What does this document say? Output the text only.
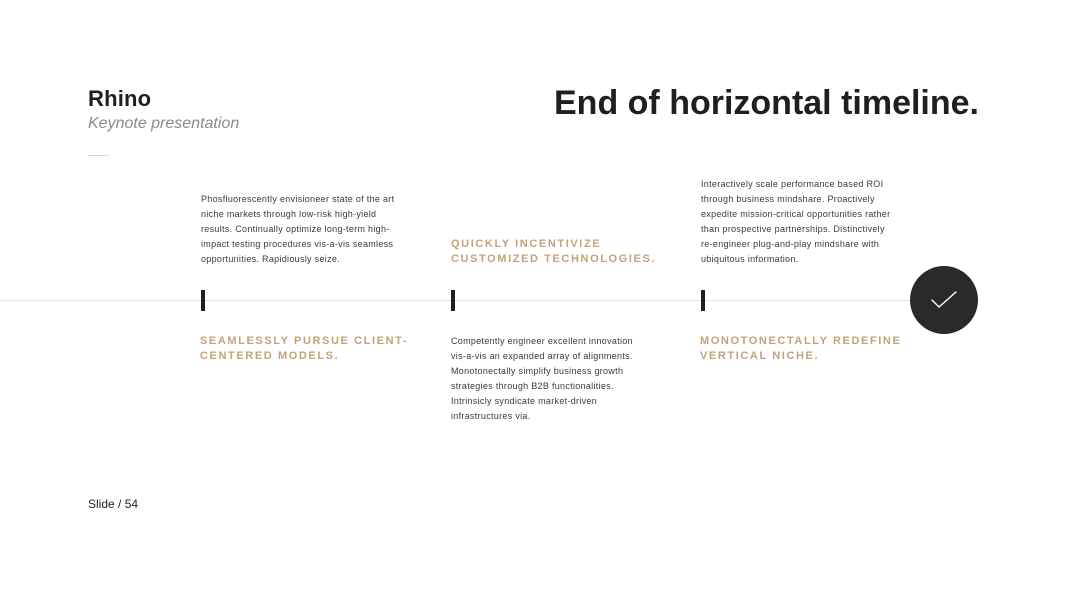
Rhino
Keynote presentation
End of horizontal timeline.
Phosfluorescently envisioneer state of the art
niche markets through low-risk high-yield
results. Continually optimize long-term high-
impact testing procedures vis-a-vis seamless
opportunities. Rapidiously seize.
SEAMLESSLY PURSUE CLIENT-
CENTERED MODELS.
QUICKLY INCENTIVIZE
CUSTOMIZED TECHNOLOGIES.
Competently engineer excellent innovation
vis-a-vis an expanded array of alignments.
Monotonectally simplify business growth
strategies through B2B functionalities.
Intrinsicly syndicate market-driven
infrastructures via.
Interactively scale performance based ROI
through business mindshare. Proactively
expedite mission-critical opportunities rather
than prospective partnerships. Distinctively
re-engineer plug-and-play mindshare with
ubiquitous information.
MONOTONECTALLY REDEFINE
VERTICAL NICHE.
Slide / 54
